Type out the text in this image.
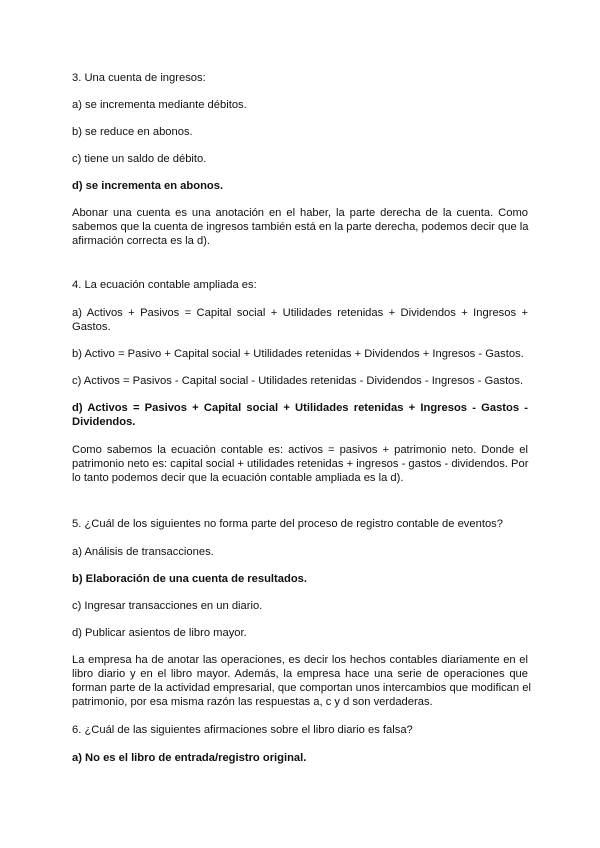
3. Una cuenta de ingresos:
a) se incrementa mediante débitos.
b) se reduce en abonos.
c) tiene un saldo de débito.
d) se incrementa en abonos.
Abonar una cuenta es una anotación en el haber, la parte derecha de la cuenta. Como
sabemos que la cuenta de ingresos también está en la parte derecha, podemos decir que la
afirmación correcta es la d).
4. La ecuación contable ampliada es:
a) Activos + Pasivos = Capital social + Utilidades retenidas + Dividendos + Ingresos +
Gastos.
b) Activo = Pasivo + Capital social + Utilidades retenidas + Dividendos + Ingresos - Gastos.
c) Activos = Pasivos - Capital social - Utilidades retenidas - Dividendos - Ingresos - Gastos.
d) Activos = Pasivos + Capital social + Utilidades retenidas + Ingresos - Gastos -
Dividendos.
Como sabemos la ecuación contable es: activos = pasivos + patrimonio neto. Donde el
patrimonio neto es: capital social + utilidades retenidas + ingresos - gastos - dividendos. Por
lo tanto podemos decir que la ecuación contable ampliada es la d).
5. ¿Cuál de los siguientes no forma parte del proceso de registro contable de eventos?
a) Análisis de transacciones.
b) Elaboración de una cuenta de resultados.
c) Ingresar transacciones en un diario.
d) Publicar asientos de libro mayor.
La empresa ha de anotar las operaciones, es decir los hechos contables diariamente en el
libro diario y en el libro mayor. Además, la empresa hace una serie de operaciones que
forman parte de la actividad empresarial, que comportan unos intercambios que modifican el
patrimonio, por esa misma razón las respuestas a, c y d son verdaderas.
6. ¿Cuál de las siguientes afirmaciones sobre el libro diario es falsa?
a) No es el libro de entrada/registro original.
